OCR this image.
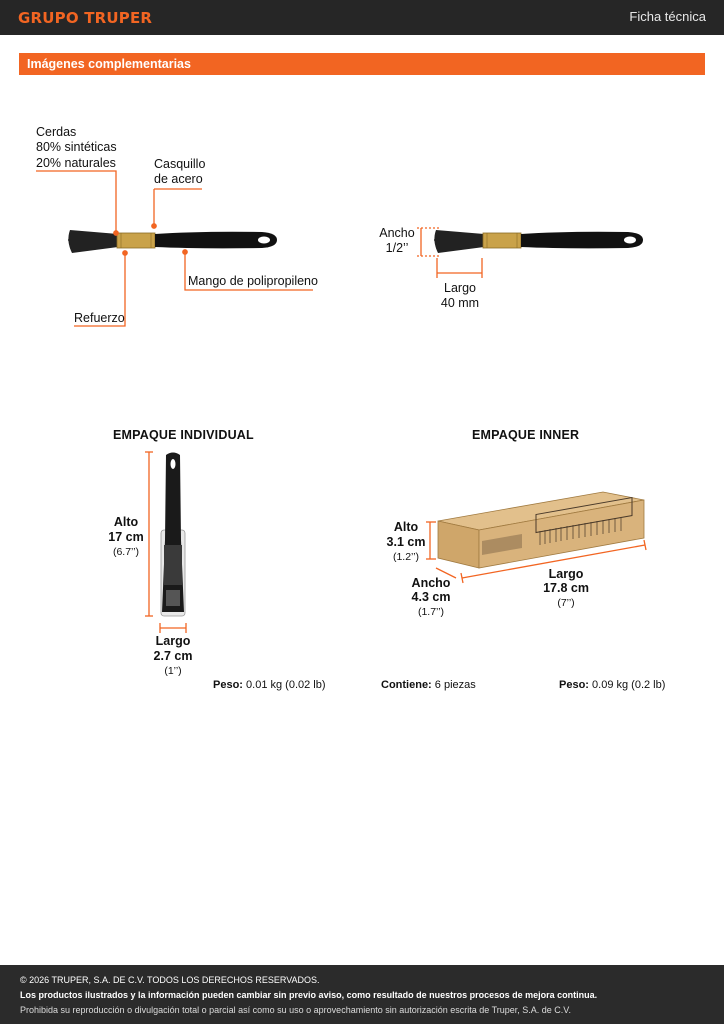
GRUPO TRUPER	Ficha técnica
Imágenes complementarias
Cerdas
80% sintéticas
20% naturales	Casquillo
de acero
Mango de polipropileno
Refuerzo
Ancho
1/2’’
Largo
40 mm
EMPAQUE INDIVIDUAL
Alto
17 cm
(6.7’’)
Largo
2.7 cm
(1’’)
Peso: 0.01 kg (0.02 lb)
EMPAQUE INNER
Alto
3.1 cm
(1.2’’)
Ancho
4.3 cm
(1.7’’)
Largo
17.8 cm
(7’’)
Contiene: 6 piezas	Peso: 0.09 kg (0.2 lb)
© 2026 TRUPER, S.A. DE C.V. TODOS LOS DERECHOS RESERVADOS.
Los productos ilustrados y la información pueden cambiar sin previo aviso, como resultado de nuestros procesos de mejora continua.
Prohibida su reproducción o divulgación total o parcial así como su uso o aprovechamiento sin autorización escrita de Truper, S.A. de C.V.
